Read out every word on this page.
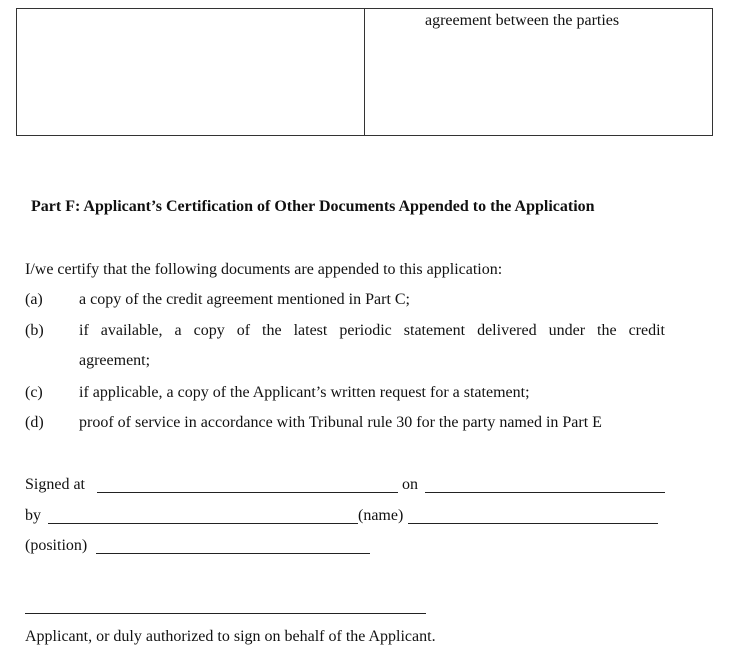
agreement between the parties
Part F: Applicant’s Certification of Other Documents Appended to the Application
I/we certify that the following documents are appended to this application:
(a) a copy of the credit agreement mentioned in Part C;
(b) if available, a copy of the latest periodic statement delivered under the credit
agreement;
(c) if applicable, a copy of the Applicant’s written request for a statement;
(d) proof of service in accordance with Tribunal rule 30 for the party named in Part E
Signed at	on
by	(name)
(position)
Applicant, or duly authorized to sign on behalf of the Applicant.
